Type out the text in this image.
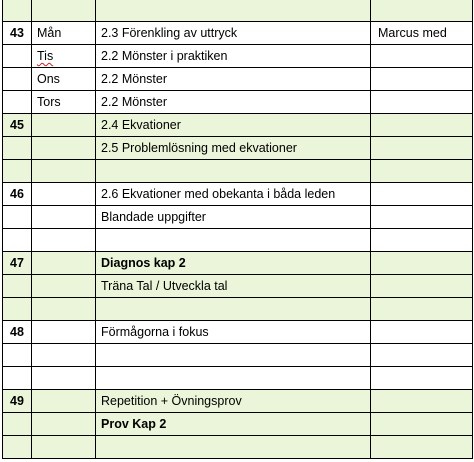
43	Mån	2.3 Förenkling av uttryck	Marcus med
	Tis	2.2 Mönster i praktiken	
	Ons	2.2 Mönster	
	Tors	2.2 Mönster	
45		2.4 Ekvationer	
		2.5 Problemlösning med ekvationer	

46		2.6 Ekvationer med obekanta i båda leden	
		Blandade uppgifter	

47		Diagnos kap 2	
		Träna Tal / Utveckla tal	

48		Förmågorna i fokus	

49		Repetition + Övningsprov	
		Prov Kap 2	
